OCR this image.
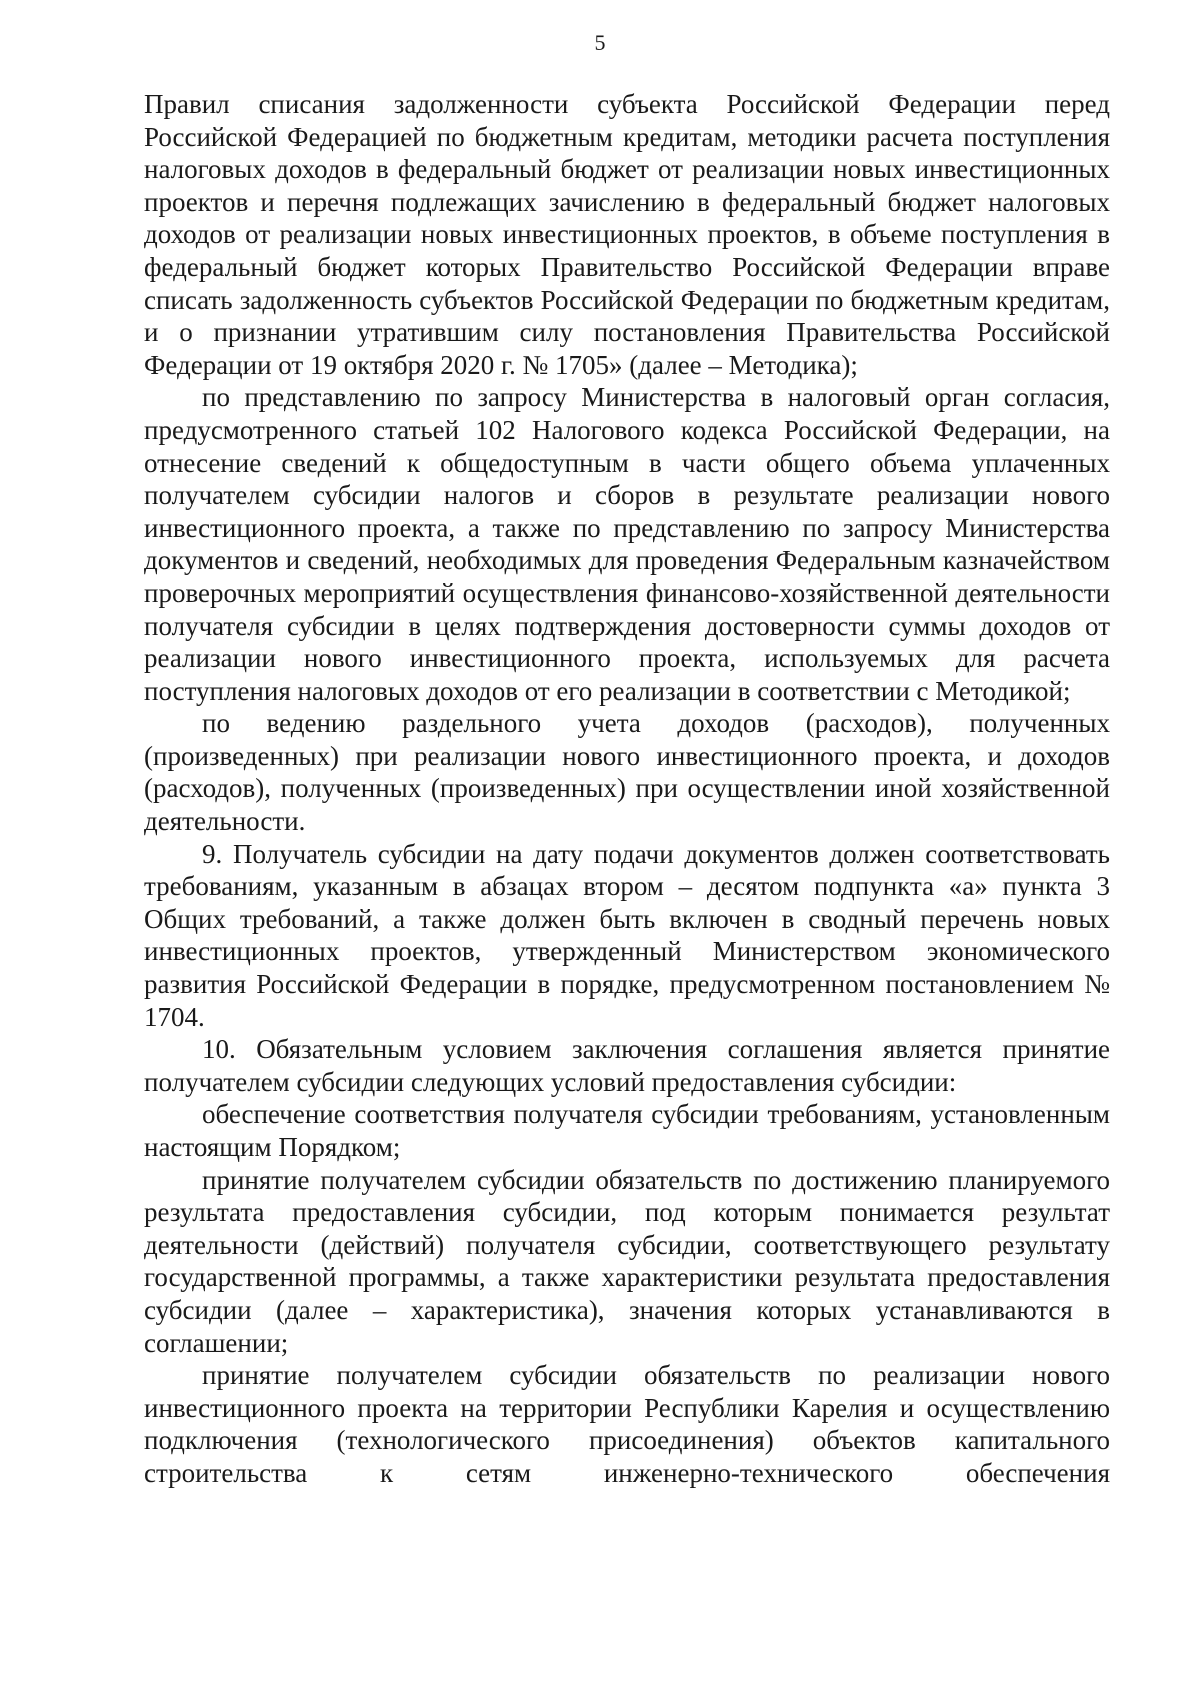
5

Правил списания задолженности субъекта Российской Федерации перед Российской Федерацией по бюджетным кредитам, методики расчета поступления налоговых доходов в федеральный бюджет от реализации новых инвестиционных проектов и перечня подлежащих зачислению в федеральный бюджет налоговых доходов от реализации новых инвестиционных проектов, в объеме поступления в федеральный бюджет которых Правительство Российской Федерации вправе списать задолженность субъектов Российской Федерации по бюджетным кредитам, и о признании утратившим силу постановления Правительства Российской Федерации от 19 октября 2020 г. № 1705» (далее – Методика);

по представлению по запросу Министерства в налоговый орган согласия, предусмотренного статьей 102 Налогового кодекса Российской Федерации, на отнесение сведений к общедоступным в части общего объема уплаченных получателем субсидии налогов и сборов в результате реализации нового инвестиционного проекта, а также по представлению по запросу Министерства документов и сведений, необходимых для проведения Федеральным казначейством проверочных мероприятий осуществления финансово-хозяйственной деятельности получателя субсидии в целях подтверждения достоверности суммы доходов от реализации нового инвестиционного проекта, используемых для расчета поступления налоговых доходов от его реализации в соответствии с Методикой;

по ведению раздельного учета доходов (расходов), полученных (произведенных) при реализации нового инвестиционного проекта, и доходов (расходов), полученных (произведенных) при осуществлении иной хозяйственной деятельности.

9. Получатель субсидии на дату подачи документов должен соответствовать требованиям, указанным в абзацах втором – десятом подпункта «а» пункта 3 Общих требований, а также должен быть включен в сводный перечень новых инвестиционных проектов, утвержденный Министерством экономического развития Российской Федерации в порядке, предусмотренном постановлением № 1704.

10. Обязательным условием заключения соглашения является принятие получателем субсидии следующих условий предоставления субсидии:

обеспечение соответствия получателя субсидии требованиям, установленным настоящим Порядком;

принятие получателем субсидии обязательств по достижению планируемого результата предоставления субсидии, под которым понимается результат деятельности (действий) получателя субсидии, соответствующего результату государственной программы, а также характеристики результата предоставления субсидии (далее – характеристика), значения которых устанавливаются в соглашении;

принятие получателем субсидии обязательств по реализации нового инвестиционного проекта на территории Республики Карелия и осуществлению подключения (технологического присоединения) объектов капитального строительства к сетям инженерно-технического обеспечения
